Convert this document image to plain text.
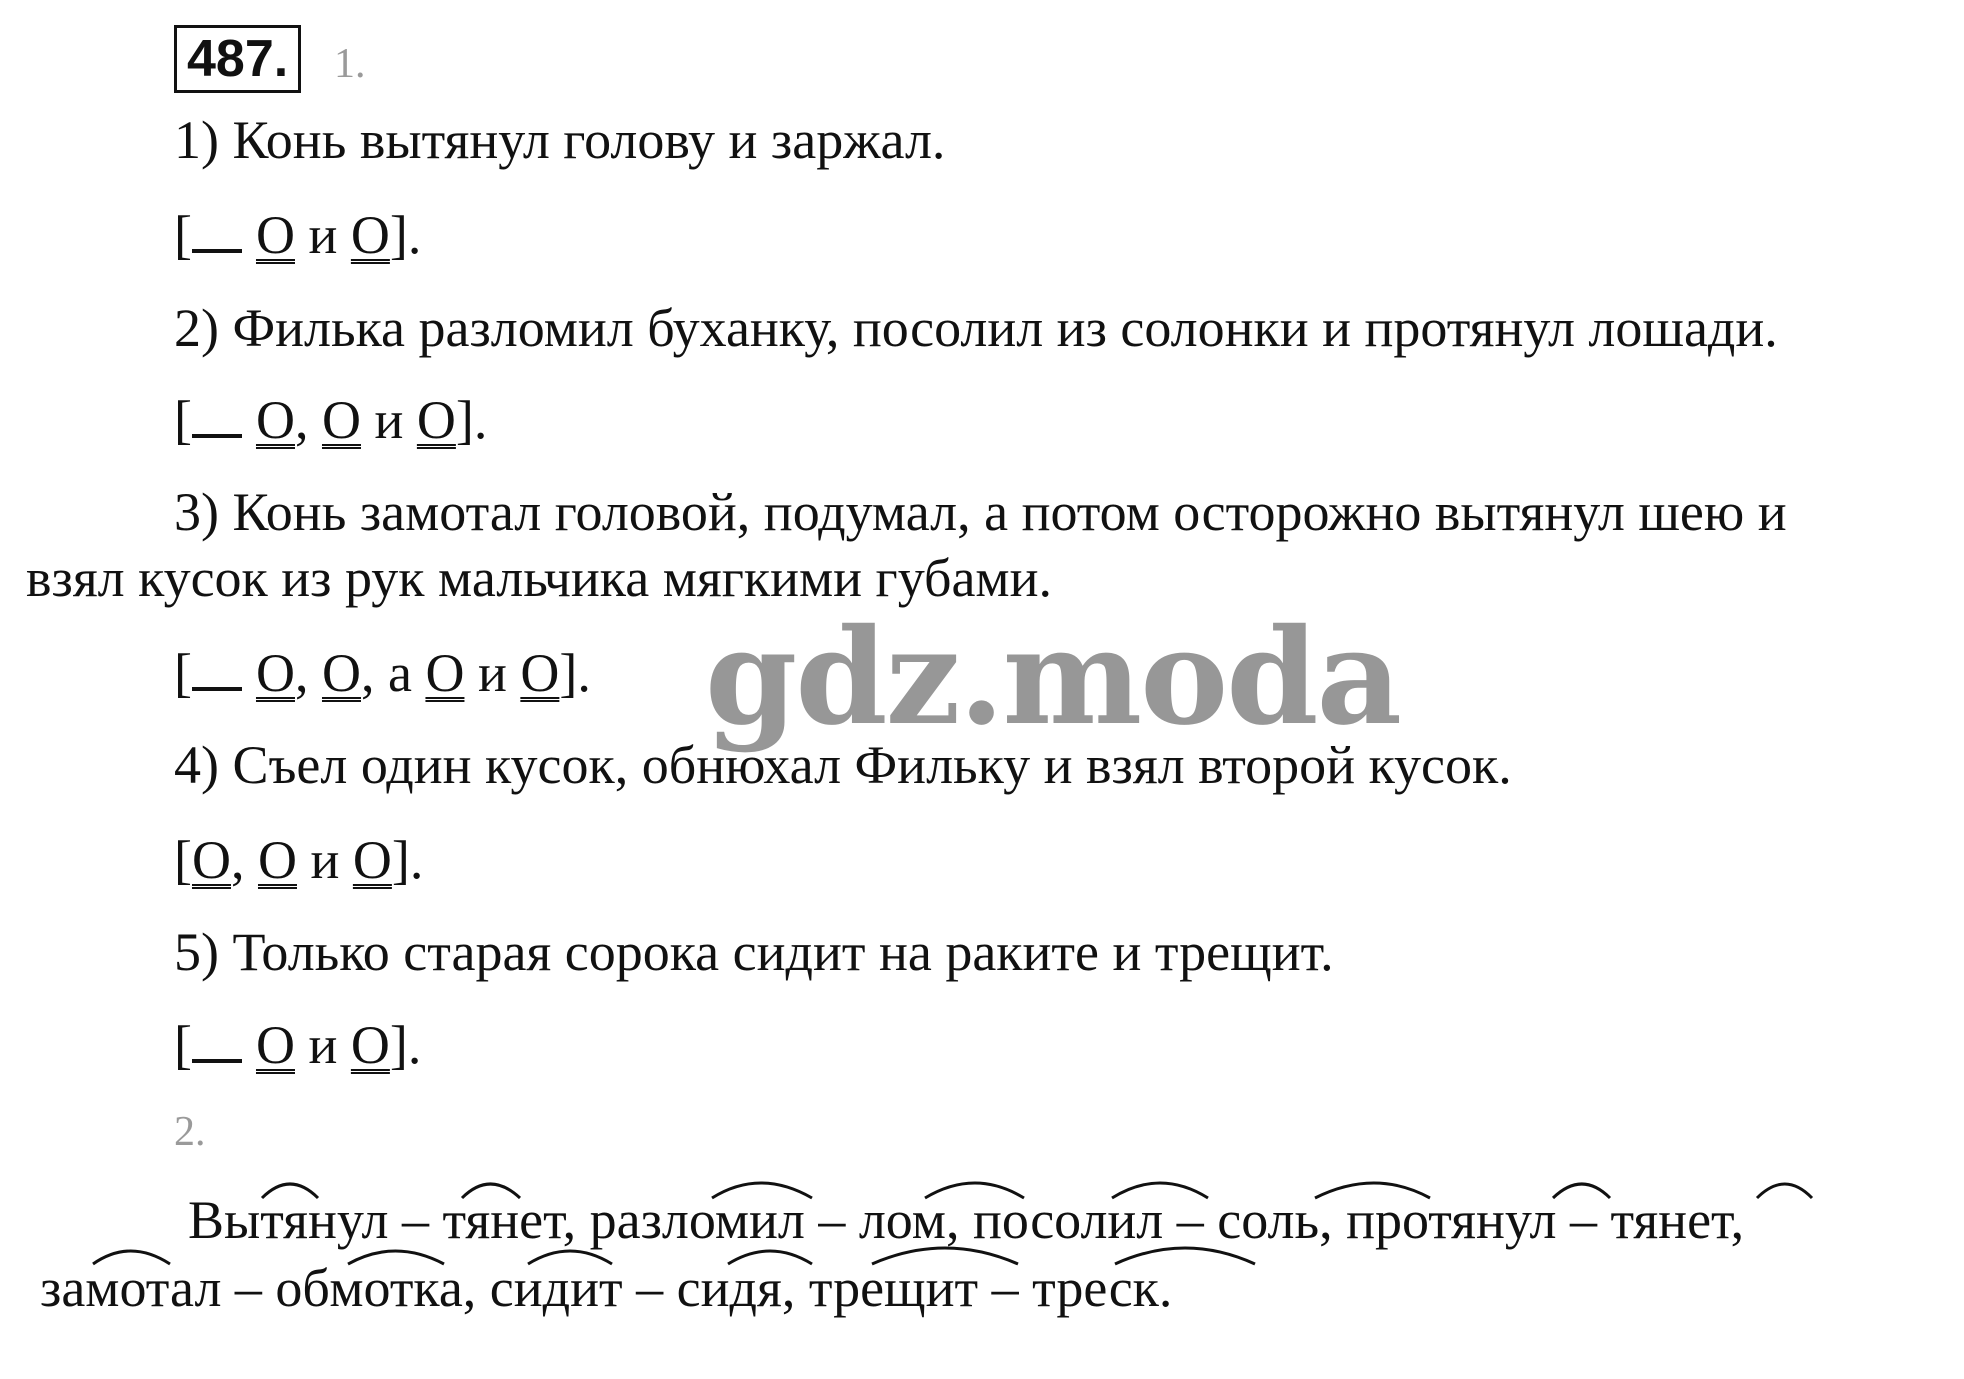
487.	1.
1) Конь вытянул голову и заржал.
[ О и О].
2) Филька разломил буханку, посолил из солонки и протянул лошади.
[ О, О и О].
3) Конь замотал головой, подумал, а потом осторожно вытянул шею и
взял кусок из рук мальчика мягкими губами.
[ О, О, а О и О].
4) Съел один кусок, обнюхал Фильку и взял второй кусок.
[О, О и О].
5) Только старая сорока сидит на раките и трещит.
[ О и О].
2.
Вытянул – тянет, разломил – лом, посолил – соль, протянул – тянет,
замотал – обмотка, сидит – сидя, трещит – треск.
gdz.moda
